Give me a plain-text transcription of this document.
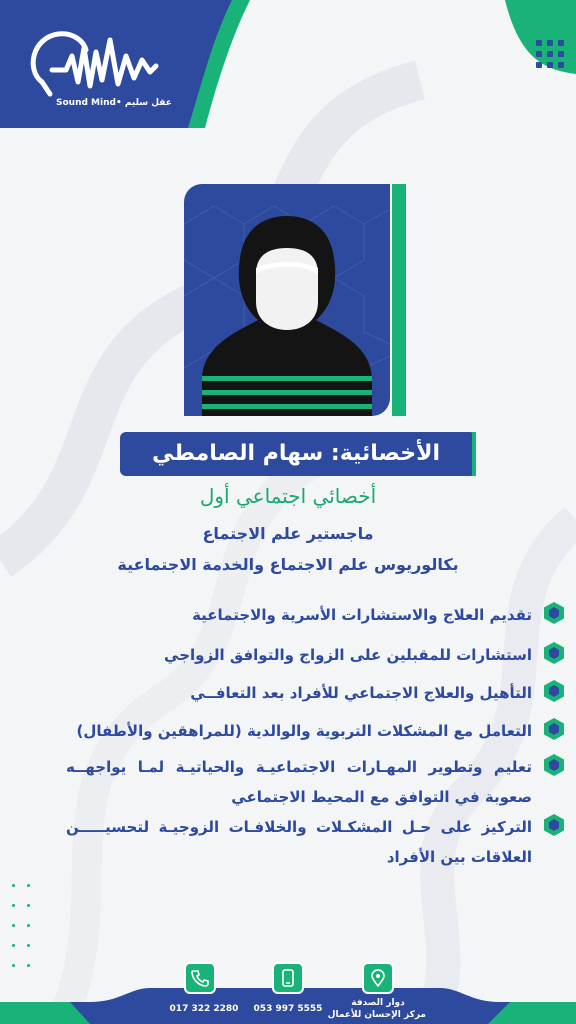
Sound Mind• عقل سليم
الأخصائية: سهام الصامطي
أخصائي اجتماعي أول
ماجستير علم الاجتماع
بكالوريوس علم الاجتماع والخدمة الاجتماعية
تقديم العلاج والاستشارات الأسرية والاجتماعية
استشارات للمقبلين على الزواج والتوافق الزواجي
التأهيل والعلاج الاجتماعي للأفراد بعد التعافــي
التعامل مع المشكلات التربوية والوالدية (للمراهقين والأطفال)
تعليم وتطوير المهـارات الاجتماعيـة والحياتيـة لمـا يواجهــه صعوبة في التوافق مع المحيط الاجتماعي
التركيز على حـل المشكـلات والخلافـات الزوجيـة لتحسيـــــن العلاقات بين الأفراد
017 322 2280	053 997 5555
دوار الصدفة
مركز الإحسان للأعمال
